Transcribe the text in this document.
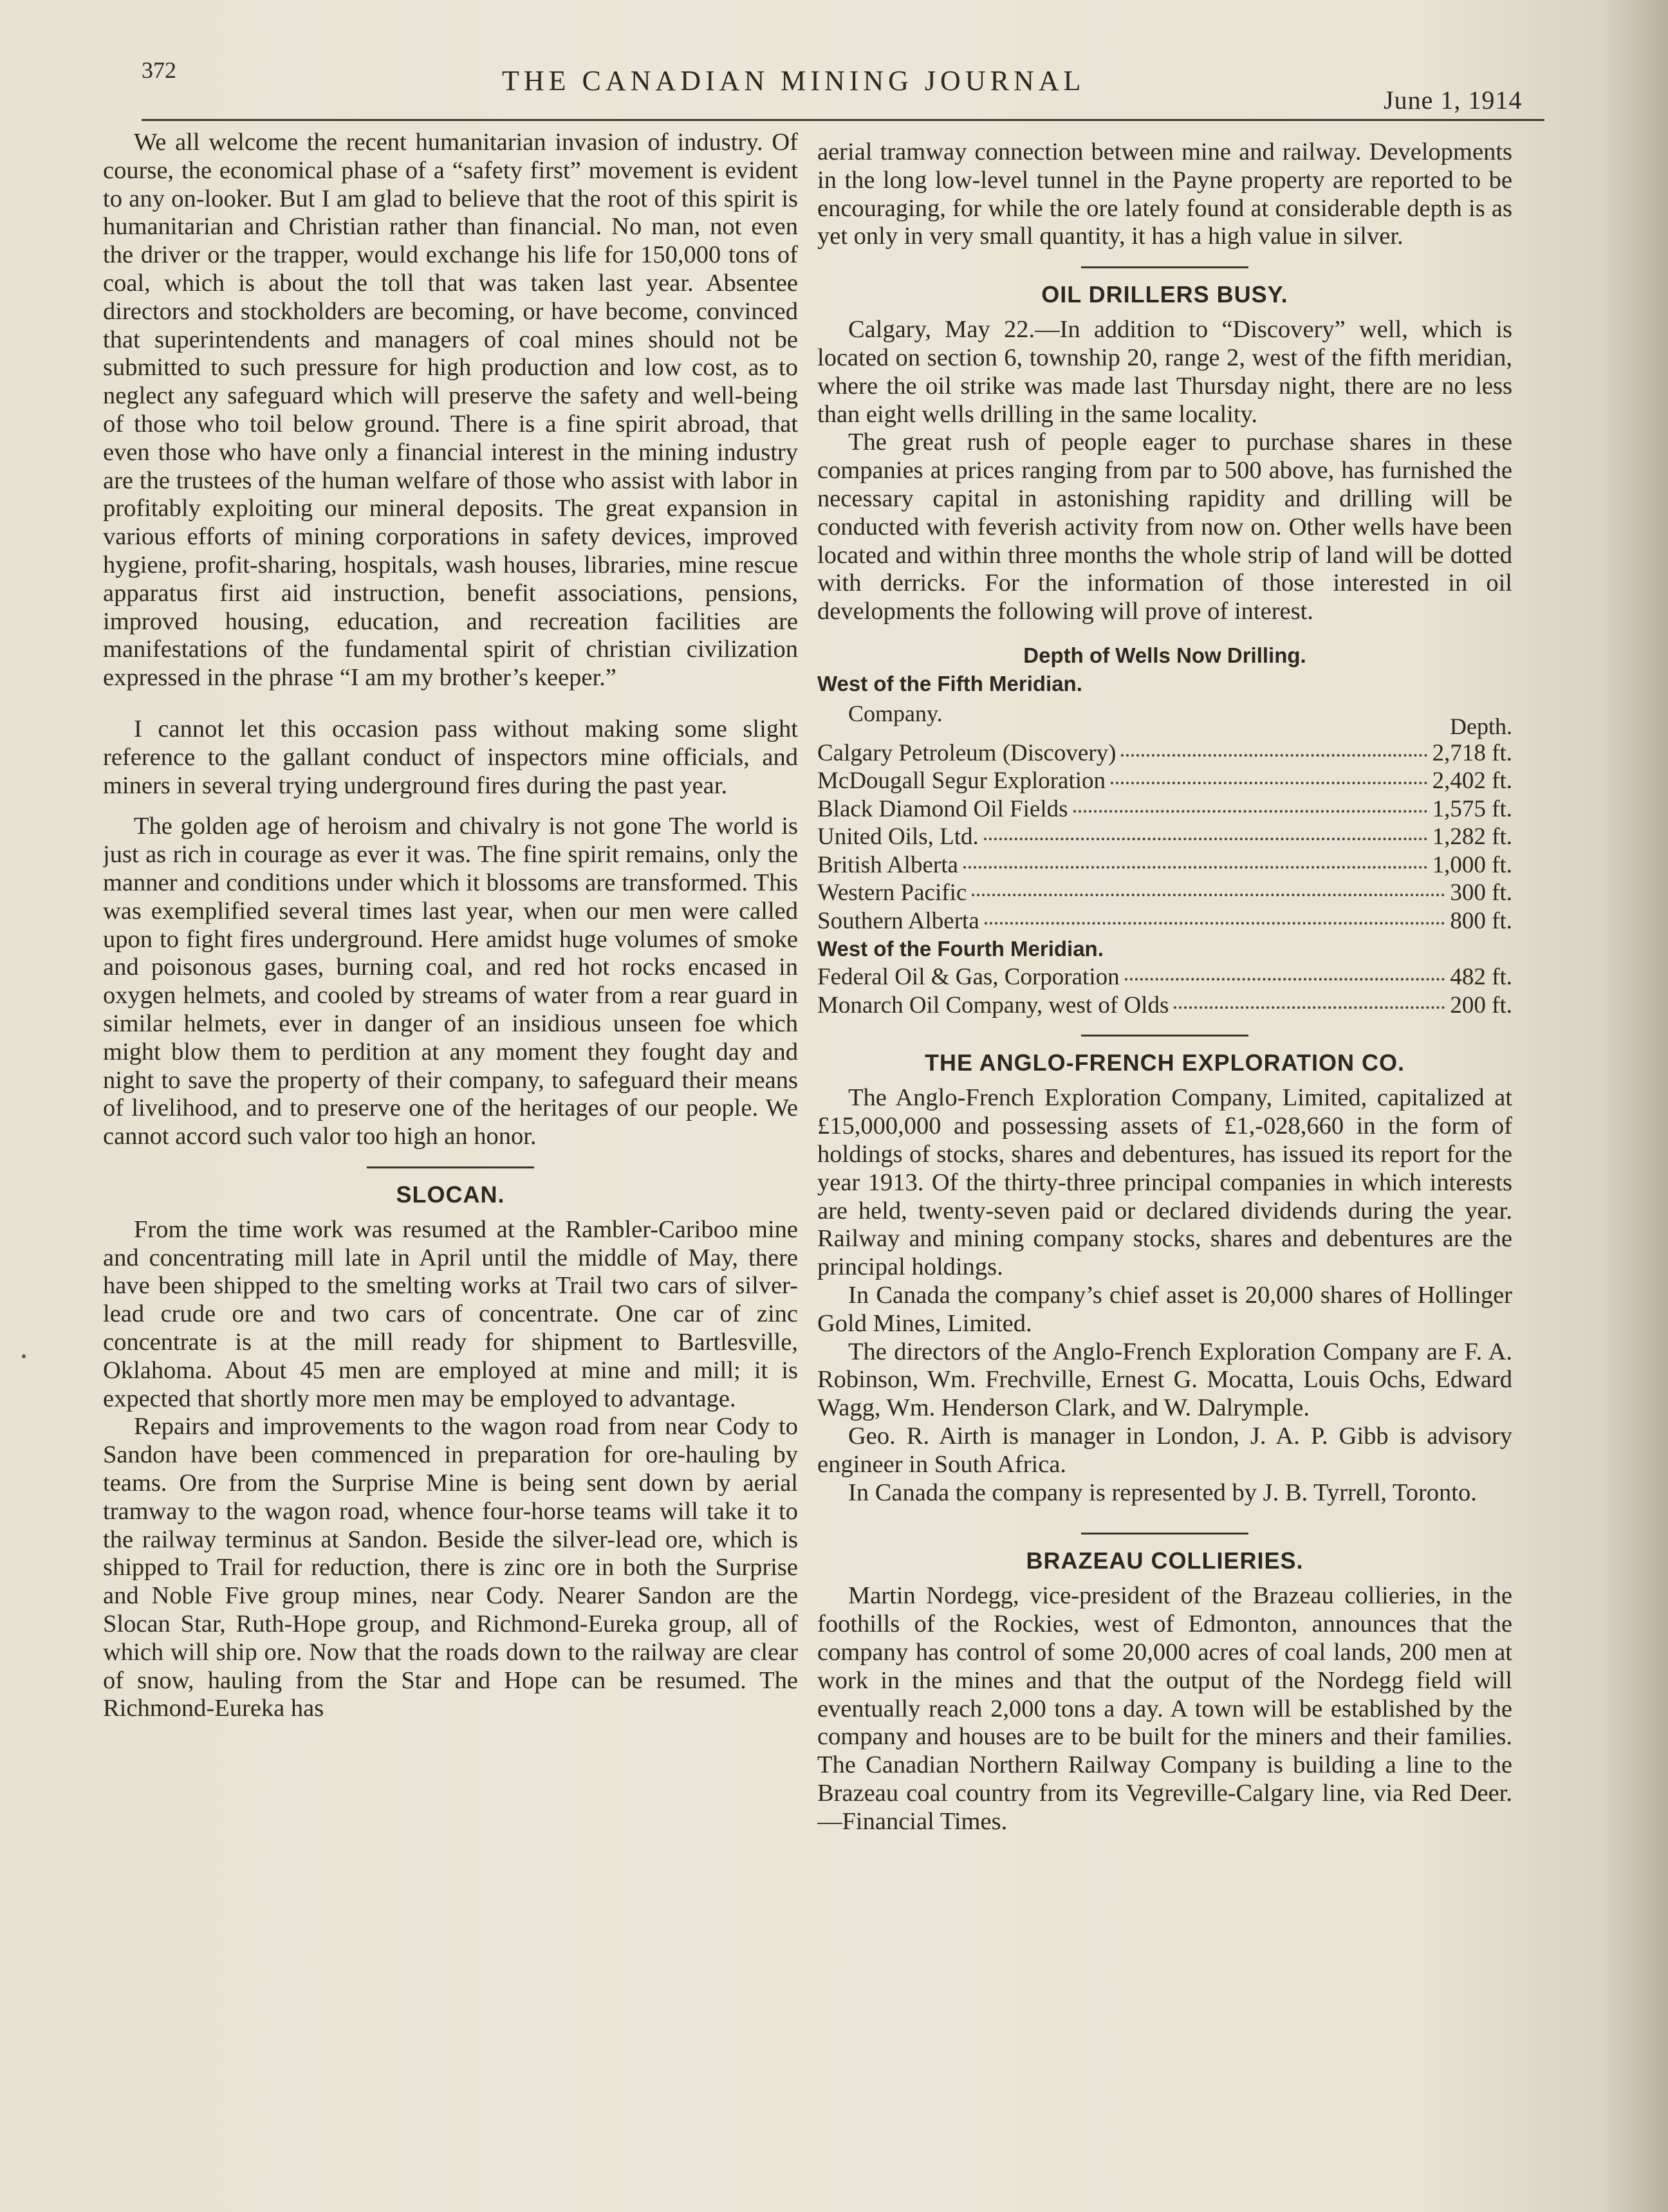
372	THE CANADIAN MINING JOURNAL
June 1, 1914

We all welcome the recent humanitarian invasion of industry. Of course, the economical phase of a “safety first” movement is evident to any on-looker. But I am glad to believe that the root of this spirit is humanitarian and Christian rather than financial. No man, not even the driver or the trapper, would exchange his life for 150,000 tons of coal, which is about the toll that was taken last year. Absentee directors and stockholders are becoming, or have become, convinced that superintendents and managers of coal mines should not be submitted to such pressure for high production and low cost, as to neglect any safeguard which will preserve the safety and well-being of those who toil below ground. There is a fine spirit abroad, that even those who have only a financial interest in the mining industry are the trustees of the human welfare of those who assist with labor in profitably exploiting our mineral deposits. The great expansion in various efforts of mining corporations in safety devices, improved hygiene, profit-sharing, hospitals, wash houses, libraries, mine rescue apparatus first aid instruction, benefit associations, pensions, improved housing, education, and recreation facilities are manifestations of the fundamental spirit of christian civilization expressed in the phrase “I am my brother’s keeper.”

I cannot let this occasion pass without making some slight reference to the gallant conduct of inspectors mine officials, and miners in several trying underground fires during the past year.

The golden age of heroism and chivalry is not gone The world is just as rich in courage as ever it was. The fine spirit remains, only the manner and conditions under which it blossoms are transformed. This was exemplified several times last year, when our men were called upon to fight fires underground. Here amidst huge volumes of smoke and poisonous gases, burning coal, and red hot rocks encased in oxygen helmets, and cooled by streams of water from a rear guard in similar helmets, ever in danger of an insidious unseen foe which might blow them to perdition at any moment they fought day and night to save the property of their company, to safeguard their means of livelihood, and to preserve one of the heritages of our people. We cannot accord such valor too high an honor.

SLOCAN.

From the time work was resumed at the Rambler-Cariboo mine and concentrating mill late in April until the middle of May, there have been shipped to the smelting works at Trail two cars of silver-lead crude ore and two cars of concentrate. One car of zinc concentrate is at the mill ready for shipment to Bartlesville, Oklahoma. About 45 men are employed at mine and mill; it is expected that shortly more men may be employed to advantage.

Repairs and improvements to the wagon road from near Cody to Sandon have been commenced in preparation for ore-hauling by teams. Ore from the Surprise Mine is being sent down by aerial tramway to the wagon road, whence four-horse teams will take it to the railway terminus at Sandon. Beside the silver-lead ore, which is shipped to Trail for reduction, there is zinc ore in both the Surprise and Noble Five group mines, near Cody. Nearer Sandon are the Slocan Star, Ruth-Hope group, and Richmond-Eureka group, all of which will ship ore. Now that the roads down to the railway are clear of snow, hauling from the Star and Hope can be resumed. The Richmond-Eureka has

aerial tramway connection between mine and railway. Developments in the long low-level tunnel in the Payne property are reported to be encouraging, for while the ore lately found at considerable depth is as yet only in very small quantity, it has a high value in silver.

OIL DRILLERS BUSY.

Calgary, May 22.—In addition to “Discovery” well, which is located on section 6, township 20, range 2, west of the fifth meridian, where the oil strike was made last Thursday night, there are no less than eight wells drilling in the same locality.

The great rush of people eager to purchase shares in these companies at prices ranging from par to 500 above, has furnished the necessary capital in astonishing rapidity and drilling will be conducted with feverish activity from now on. Other wells have been located and within three months the whole strip of land will be dotted with derricks. For the information of those interested in oil developments the following will prove of interest.

Depth of Wells Now Drilling.
West of the Fifth Meridian.
Company.	Depth.
Calgary Petroleum (Discovery)	2,718 ft.
McDougall Segur Exploration	2,402 ft.
Black Diamond Oil Fields	1,575 ft.
United Oils, Ltd.	1,282 ft.
British Alberta	1,000 ft.
Western Pacific	300 ft.
Southern Alberta	800 ft.
West of the Fourth Meridian.
Federal Oil & Gas, Corporation	482 ft.
Monarch Oil Company, west of Olds	200 ft.
THE ANGLO-FRENCH EXPLORATION CO.

The Anglo-French Exploration Company, Limited, capitalized at £15,000,000 and possessing assets of £1,-028,660 in the form of holdings of stocks, shares and debentures, has issued its report for the year 1913. Of the thirty-three principal companies in which interests are held, twenty-seven paid or declared dividends during the year. Railway and mining company stocks, shares and debentures are the principal holdings.

In Canada the company’s chief asset is 20,000 shares of Hollinger Gold Mines, Limited.

The directors of the Anglo-French Exploration Company are F. A. Robinson, Wm. Frechville, Ernest G. Mocatta, Louis Ochs, Edward Wagg, Wm. Henderson Clark, and W. Dalrymple.

Geo. R. Airth is manager in London, J. A. P. Gibb is advisory engineer in South Africa.

In Canada the company is represented by J. B. Tyrrell, Toronto.

BRAZEAU COLLIERIES.

Martin Nordegg, vice-president of the Brazeau collieries, in the foothills of the Rockies, west of Edmonton, announces that the company has control of some 20,000 acres of coal lands, 200 men at work in the mines and that the output of the Nordegg field will eventually reach 2,000 tons a day. A town will be established by the company and houses are to be built for the miners and their families. The Canadian Northern Railway Company is building a line to the Brazeau coal country from its Vegreville-Calgary line, via Red Deer.—Financial Times.
